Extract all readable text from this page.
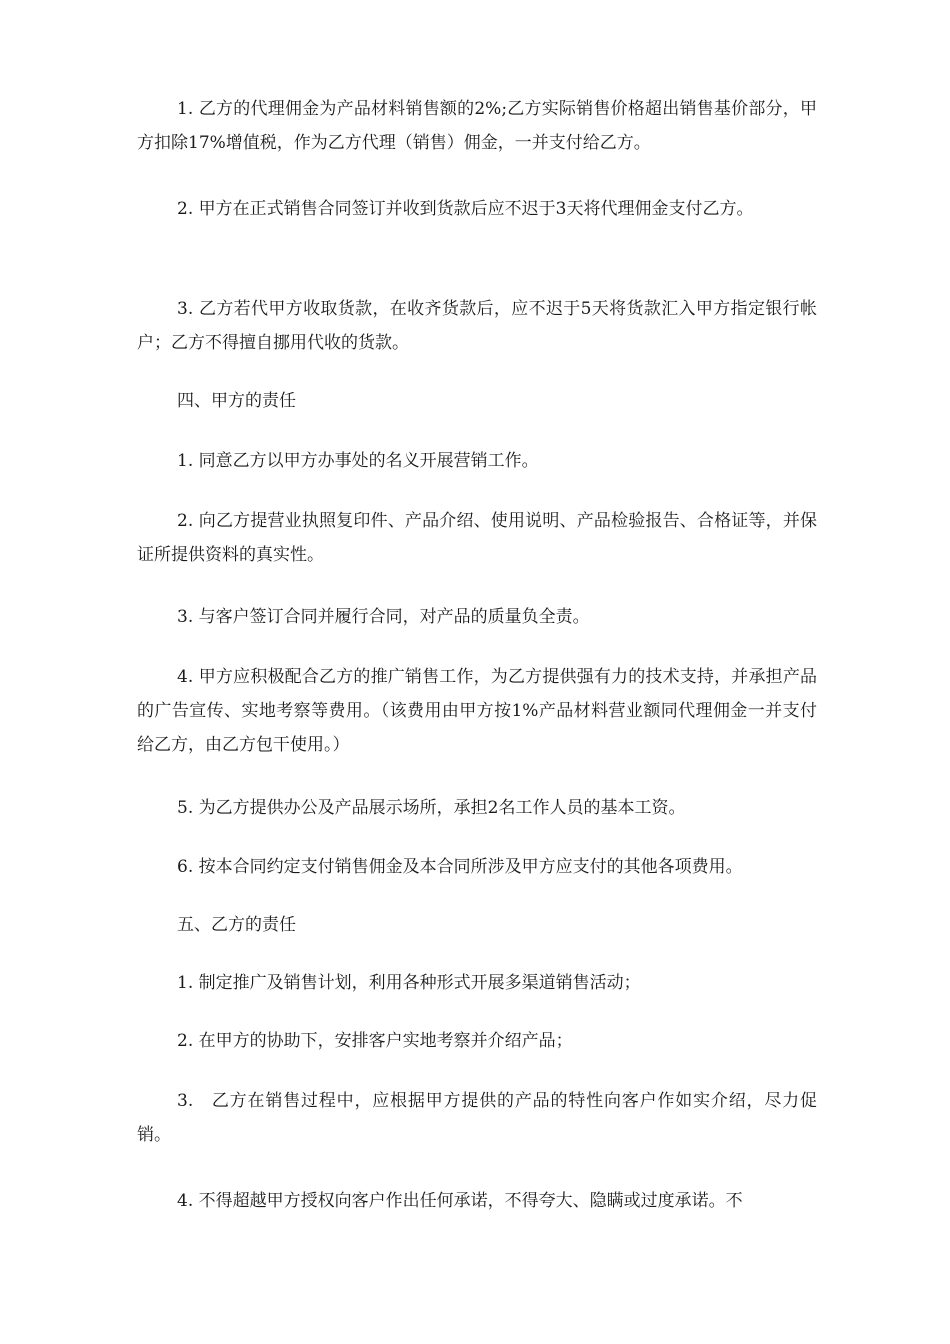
1. 乙方的代理佣金为产品材料销售额的2%;乙方实际销售价格超出销售基价部分，甲方扣除17%增值税，作为乙方代理（销售）佣金，一并支付给乙方。

2. 甲方在正式销售合同签订并收到货款后应不迟于3天将代理佣金支付乙方。

3. 乙方若代甲方收取货款，在收齐货款后，应不迟于5天将货款汇入甲方指定银行帐户；乙方不得擅自挪用代收的货款。

四、甲方的责任

1. 同意乙方以甲方办事处的名义开展营销工作。

2. 向乙方提营业执照复印件、产品介绍、使用说明、产品检验报告、合格证等，并保证所提供资料的真实性。

3. 与客户签订合同并履行合同，对产品的质量负全责。

4. 甲方应积极配合乙方的推广销售工作，为乙方提供强有力的技术支持，并承担产品的广告宣传、实地考察等费用。（该费用由甲方按1%产品材料营业额同代理佣金一并支付给乙方，由乙方包干使用。）

5. 为乙方提供办公及产品展示场所，承担2名工作人员的基本工资。

6. 按本合同约定支付销售佣金及本合同所涉及甲方应支付的其他各项费用。

五、乙方的责任

1. 制定推广及销售计划，利用各种形式开展多渠道销售活动；

2. 在甲方的协助下，安排客户实地考察并介绍产品；

3.　乙方在销售过程中，应根据甲方提供的产品的特性向客户作如实介绍，尽力促销。

4. 不得超越甲方授权向客户作出任何承诺，不得夸大、隐瞒或过度承诺。不
